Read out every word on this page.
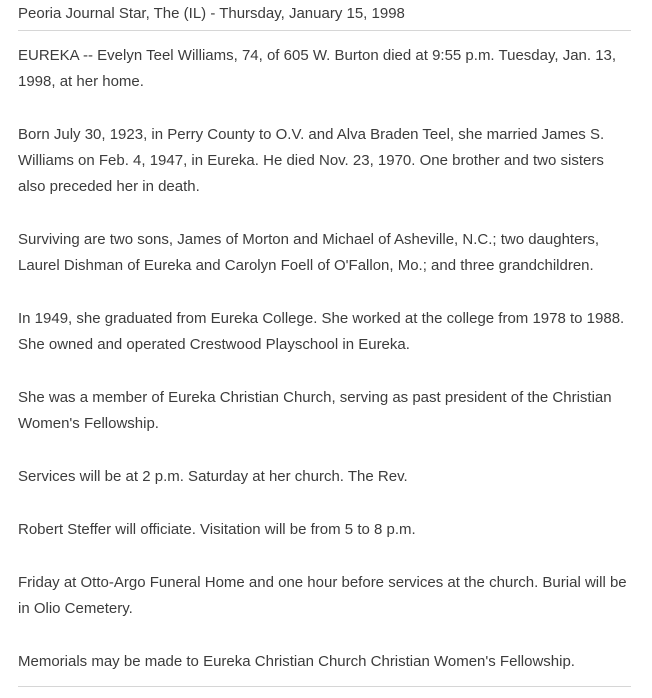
Peoria Journal Star, The (IL) - Thursday, January 15, 1998

EUREKA -- Evelyn Teel Williams, 74, of 605 W. Burton died at 9:55 p.m. Tuesday, Jan. 13, 1998, at her home.

Born July 30, 1923, in Perry County to O.V. and Alva Braden Teel, she married James S. Williams on Feb. 4, 1947, in Eureka. He died Nov. 23, 1970. One brother and two sisters also preceded her in death.

Surviving are two sons, James of Morton and Michael of Asheville, N.C.; two daughters, Laurel Dishman of Eureka and Carolyn Foell of O'Fallon, Mo.; and three grandchildren.

In 1949, she graduated from Eureka College. She worked at the college from 1978 to 1988. She owned and operated Crestwood Playschool in Eureka.

She was a member of Eureka Christian Church, serving as past president of the Christian Women's Fellowship.

Services will be at 2 p.m. Saturday at her church. The Rev.

Robert Steffer will officiate. Visitation will be from 5 to 8 p.m.

Friday at Otto-Argo Funeral Home and one hour before services at the church. Burial will be in Olio Cemetery.

Memorials may be made to Eureka Christian Church Christian Women's Fellowship.
